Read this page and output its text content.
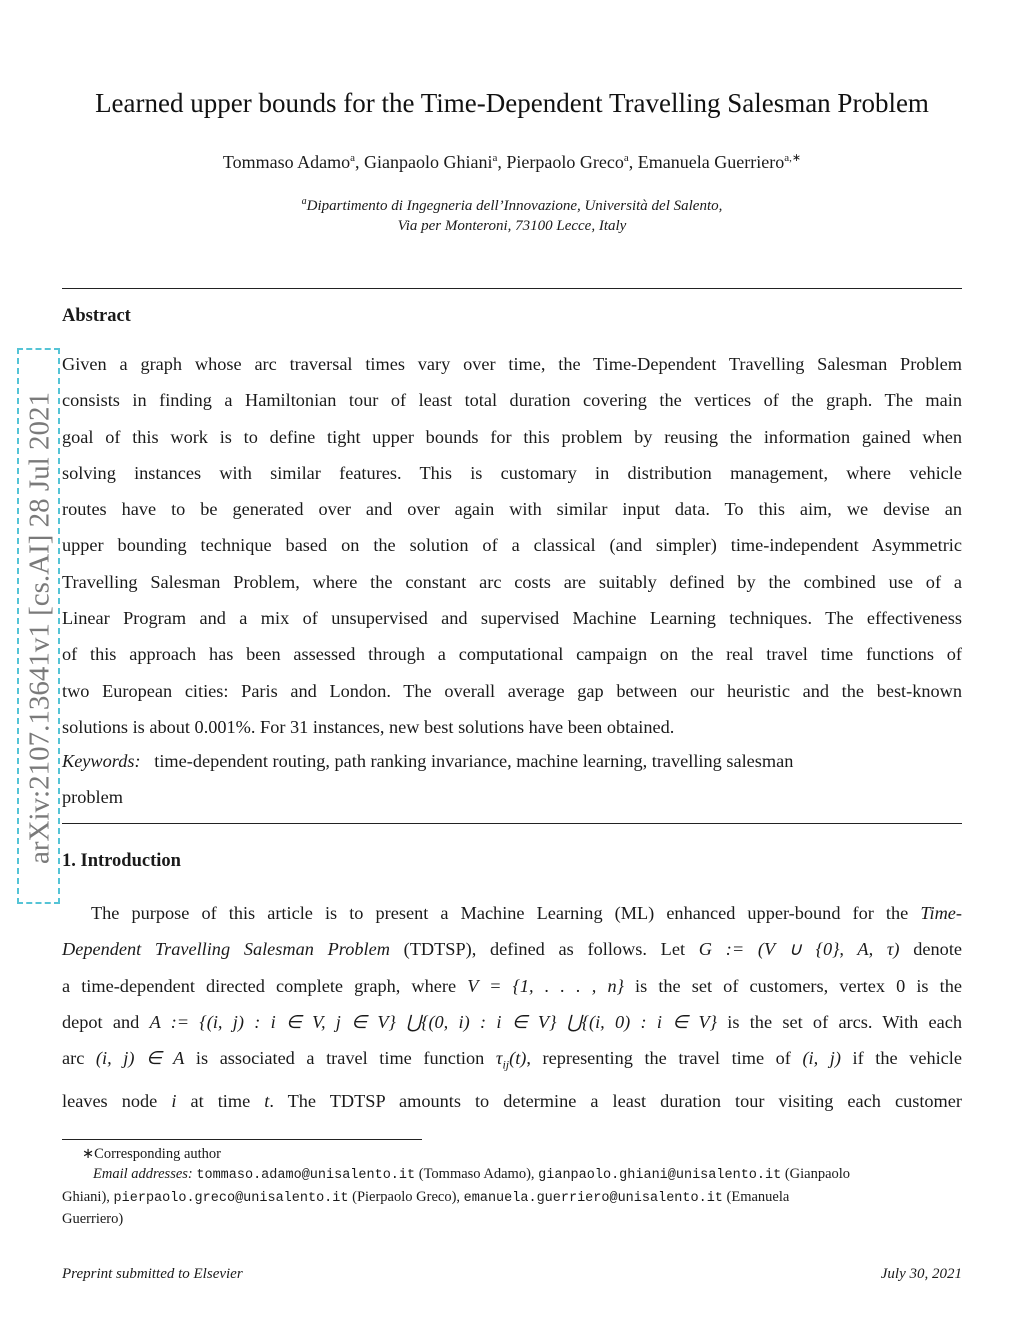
Learned upper bounds for the Time-Dependent Travelling Salesman Problem
Tommaso Adamo$^a$, Gianpaolo Ghiani$^a$, Pierpaolo Greco$^a$, Emanuela Guerriero$^{a,∗}$
$^a$Dipartimento di Ingegneria dell’Innovazione, Università del Salento,
Via per Monteroni, 73100 Lecce, Italy
arXiv:2107.13641v1 [cs.AI] 28 Jul 2021
Abstract
Given a graph whose arc traversal times vary over time, the Time-Dependent Travelling Salesman Problem
consists in finding a Hamiltonian tour of least total duration covering the vertices of the graph. The main
goal of this work is to define tight upper bounds for this problem by reusing the information gained when
solving instances with similar features. This is customary in distribution management, where vehicle
routes have to be generated over and over again with similar input data. To this aim, we devise an
upper bounding technique based on the solution of a classical (and simpler) time-independent Asymmetric
Travelling Salesman Problem, where the constant arc costs are suitably defined by the combined use of a
Linear Program and a mix of unsupervised and supervised Machine Learning techniques. The effectiveness
of this approach has been assessed through a computational campaign on the real travel time functions of
two European cities: Paris and London. The overall average gap between our heuristic and the best-known
solutions is about 0.001%. For 31 instances, new best solutions have been obtained.
Keywords: time-dependent routing, path ranking invariance, machine learning, travelling salesman
problem
1. Introduction
The purpose of this article is to present a Machine Learning (ML) enhanced upper-bound for the Time-
Dependent Travelling Salesman Problem (TDTSP), defined as follows. Let G := (V ∪ {0}, A, τ) denote
a time-dependent directed complete graph, where V = {1, . . . , n} is the set of customers, vertex 0 is the
depot and A := {(i, j) : i ∈ V, j ∈ V} ⋃{(0, i) : i ∈ V} ⋃{(i, 0) : i ∈ V} is the set of arcs. With each
arc (i, j) ∈ A is associated a travel time function $\tau_{ij}(t)$, representing the travel time of (i, j) if the vehicle
leaves node i at time t. The TDTSP amounts to determine a least duration tour visiting each customer
∗Corresponding author
Email addresses: tommaso.adamo@unisalento.it (Tommaso Adamo), gianpaolo.ghiani@unisalento.it (Gianpaolo
Ghiani), pierpaolo.greco@unisalento.it (Pierpaolo Greco), emanuela.guerriero@unisalento.it (Emanuela
Guerriero)
Preprint submitted to Elsevier	July 30, 2021
